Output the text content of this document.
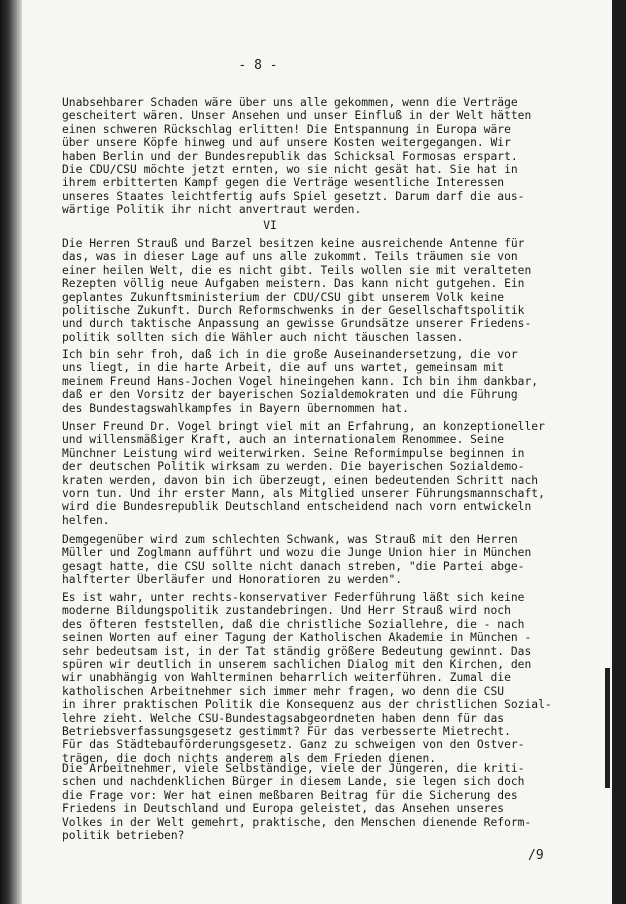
- 8 -

Unabsehbarer Schaden wäre über uns alle gekommen, wenn die Verträge
gescheitert wären. Unser Ansehen und unser Einfluß in der Welt hätten
einen schweren Rückschlag erlitten! Die Entspannung in Europa wäre
über unsere Köpfe hinweg und auf unsere Kosten weitergegangen. Wir
haben Berlin und der Bundesrepublik das Schicksal Formosas erspart.
Die CDU/CSU möchte jetzt ernten, wo sie nicht gesät hat. Sie hat in
ihrem erbitterten Kampf gegen die Verträge wesentliche Interessen
unseres Staates leichtfertig aufs Spiel gesetzt. Darum darf die aus-
wärtige Politik ihr nicht anvertraut werden.

VI

Die Herren Strauß und Barzel besitzen keine ausreichende Antenne für
das, was in dieser Lage auf uns alle zukommt. Teils träumen sie von
einer heilen Welt, die es nicht gibt. Teils wollen sie mit veralteten
Rezepten völlig neue Aufgaben meistern. Das kann nicht gutgehen. Ein
geplantes Zukunftsministerium der CDU/CSU gibt unserem Volk keine
politische Zukunft. Durch Reformschwenks in der Gesellschaftspolitik
und durch taktische Anpassung an gewisse Grundsätze unserer Friedens-
politik sollten sich die Wähler auch nicht täuschen lassen.

Ich bin sehr froh, daß ich in die große Auseinandersetzung, die vor
uns liegt, in die harte Arbeit, die auf uns wartet, gemeinsam mit
meinem Freund Hans-Jochen Vogel hineingehen kann. Ich bin ihm dankbar,
daß er den Vorsitz der bayerischen Sozialdemokraten und die Führung
des Bundestagswahlkampfes in Bayern übernommen hat.

Unser Freund Dr. Vogel bringt viel mit an Erfahrung, an konzeptioneller
und willensmäßiger Kraft, auch an internationalem Renommee. Seine
Münchner Leistung wird weiterwirken. Seine Reformimpulse beginnen in
der deutschen Politik wirksam zu werden. Die bayerischen Sozialdemo-
kraten werden, davon bin ich überzeugt, einen bedeutenden Schritt nach
vorn tun. Und ihr erster Mann, als Mitglied unserer Führungsmannschaft,
wird die Bundesrepublik Deutschland entscheidend nach vorn entwickeln
helfen.

Demgegenüber wird zum schlechten Schwank, was Strauß mit den Herren
Müller und Zoglmann aufführt und wozu die Junge Union hier in München
gesagt hatte, die CSU sollte nicht danach streben, "die Partei abge-
halfterter Überläufer und Honoratioren zu werden".

Es ist wahr, unter rechts-konservativer Federführung läßt sich keine
moderne Bildungspolitik zustandebringen. Und Herr Strauß wird noch
des öfteren feststellen, daß die christliche Soziallehre, die - nach
seinen Worten auf einer Tagung der Katholischen Akademie in München -
sehr bedeutsam ist, in der Tat ständig größere Bedeutung gewinnt. Das
spüren wir deutlich in unserem sachlichen Dialog mit den Kirchen, den
wir unabhängig von Wahlterminen beharrlich weiterführen. Zumal die
katholischen Arbeitnehmer sich immer mehr fragen, wo denn die CSU
in ihrer praktischen Politik die Konsequenz aus der christlichen Sozial-
lehre zieht. Welche CSU-Bundestagsabgeordneten haben denn für das
Betriebsverfassungsgesetz gestimmt? Für das verbesserte Mietrecht.
Für das Städtebauförderungsgesetz. Ganz zu schweigen von den Ostver-
trägen, die doch nichts anderem als dem Frieden dienen.

Die Arbeitnehmer, viele Selbständige, viele der Jüngeren, die kriti-
schen und nachdenklichen Bürger in diesem Lande, sie legen sich doch
die Frage vor: Wer hat einen meßbaren Beitrag für die Sicherung des
Friedens in Deutschland und Europa geleistet, das Ansehen unseres
Volkes in der Welt gemehrt, praktische, den Menschen dienende Reform-
politik betrieben?

/9
